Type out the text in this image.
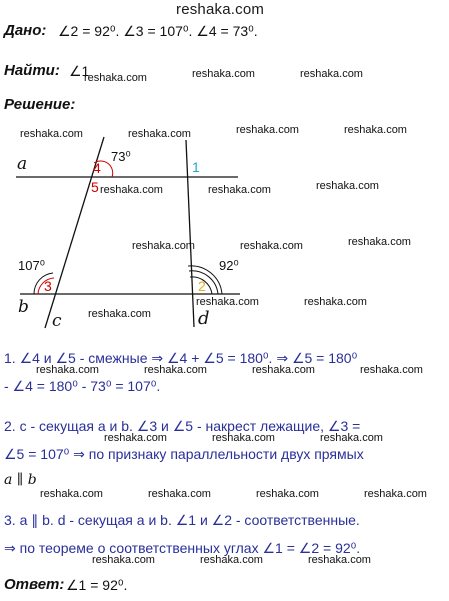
reshaka.com
Дано: ∠2 = 92⁰. ∠3 = 107⁰. ∠4 = 73⁰.
Найти: ∠1
Решение:
a
b
c	d
4
5
1
3	2
73⁰
107⁰	92⁰
1. ∠4 и ∠5 - смежные ⇒ ∠4 + ∠5 = 180⁰. ⇒ ∠5 = 180⁰
- ∠4 = 180⁰ - 73⁰ = 107⁰.
2. c - секущая a и b. ∠3 и ∠5 - накрест лежащие, ∠3 =
∠5 = 107⁰ ⇒ по признаку параллельности двух прямых
a ∥ b
3. a ∥ b. d - секущая a и b. ∠1 и ∠2 - соответственные.
⇒ по теореме о соответственных углах ∠1 = ∠2 = 92⁰.
Ответ: ∠1 = 92⁰.
reshaka.com	reshaka.com	reshaka.com
reshaka.com	reshaka.com	reshaka.com	reshaka.com
reshaka.com	reshaka.com	reshaka.com
reshaka.com	reshaka.com	reshaka.com
reshaka.com
reshaka.com	reshaka.com
reshaka.com	reshaka.com	reshaka.com	reshaka.com
reshaka.com	reshaka.com	reshaka.com
reshaka.com	reshaka.com	reshaka.com	reshaka.com
reshaka.com	reshaka.com	reshaka.com
